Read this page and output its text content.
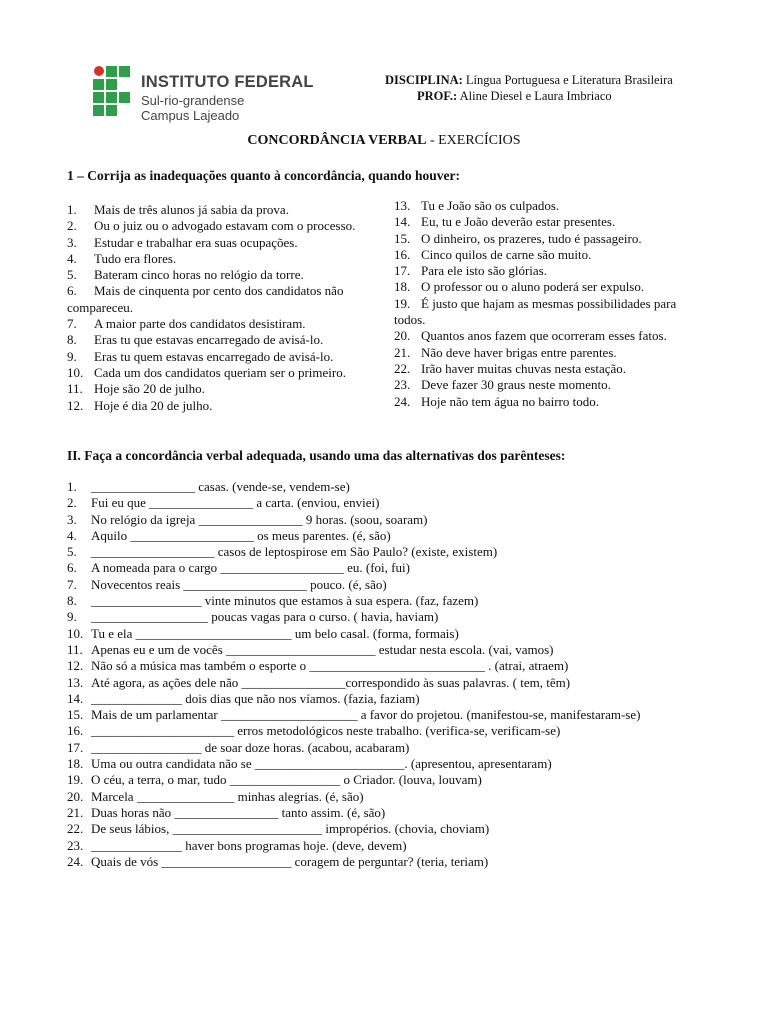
INSTITUTO FEDERAL
Sul-rio-grandense
Campus Lajeado
DISCIPLINA: Língua Portuguesa e Literatura Brasileira
PROF.: Aline Diesel e Laura Imbriaco
CONCORDÂNCIA VERBAL - EXERCÍCIOS
1 – Corrija as inadequações quanto à concordância, quando houver:
1. Mais de três alunos já sabia da prova.
2. Ou o juiz ou o advogado estavam com o processo.
3. Estudar e trabalhar era suas ocupações.
4. Tudo era flores.
5. Bateram cinco horas no relógio da torre.
6. Mais de cinquenta por cento dos candidatos não compareceu.
7. A maior parte dos candidatos desistiram.
8. Eras tu que estavas encarregado de avisá-lo.
9. Eras tu quem estavas encarregado de avisá-lo.
10. Cada um dos candidatos queriam ser o primeiro.
11. Hoje são 20 de julho.
12. Hoje é dia 20 de julho.
13. Tu e João são os culpados.
14. Eu, tu e João deverão estar presentes.
15. O dinheiro, os prazeres, tudo é passageiro.
16. Cinco quilos de carne são muito.
17. Para ele isto são glórias.
18. O professor ou o aluno poderá ser expulso.
19. É justo que hajam as mesmas possibilidades para todos.
20. Quantos anos fazem que ocorreram esses fatos.
21. Não deve haver brigas entre parentes.
22. Irão haver muitas chuvas nesta estação.
23. Deve fazer 30 graus neste momento.
24. Hoje não tem água no bairro todo.
II. Faça a concordância verbal adequada, usando uma das alternativas dos parênteses:
1. ________________ casas. (vende-se, vendem-se)
2. Fui eu que ________________ a carta. (enviou, enviei)
3. No relógio da igreja ________________ 9 horas. (soou, soaram)
4. Aquilo ___________________ os meus parentes. (é, são)
5. ___________________ casos de leptospirose em São Paulo? (existe, existem)
6. A nomeada para o cargo ___________________ eu. (foi, fui)
7. Novecentos reais ___________________ pouco. (é, são)
8. _________________ vinte minutos que estamos à sua espera. (faz, fazem)
9. __________________ poucas vagas para o curso. ( havia, haviam)
10. Tu e ela ________________________ um belo casal. (forma, formais)
11. Apenas eu e um de vocês _______________________ estudar nesta escola. (vai, vamos)
12. Não só a música mas também o esporte o ___________________________ . (atrai, atraem)
13. Até agora, as ações dele não ________________correspondido às suas palavras. ( tem, têm)
14. ______________ dois dias que não nos víamos. (fazia, faziam)
15. Mais de um parlamentar _____________________ a favor do projetou. (manifestou-se, manifestaram-se)
16. ______________________ erros metodológicos neste trabalho. (verifica-se, verificam-se)
17. _________________ de soar doze horas. (acabou, acabaram)
18. Uma ou outra candidata não se _______________________. (apresentou, apresentaram)
19. O céu, a terra, o mar, tudo _________________ o Criador. (louva, louvam)
20. Marcela _______________ minhas alegrias. (é, são)
21. Duas horas não ________________ tanto assim. (é, são)
22. De seus lábios, _______________________ impropérios. (chovia, choviam)
23. ______________ haver bons programas hoje. (deve, devem)
24. Quais de vós ____________________ coragem de perguntar? (teria, teriam)
